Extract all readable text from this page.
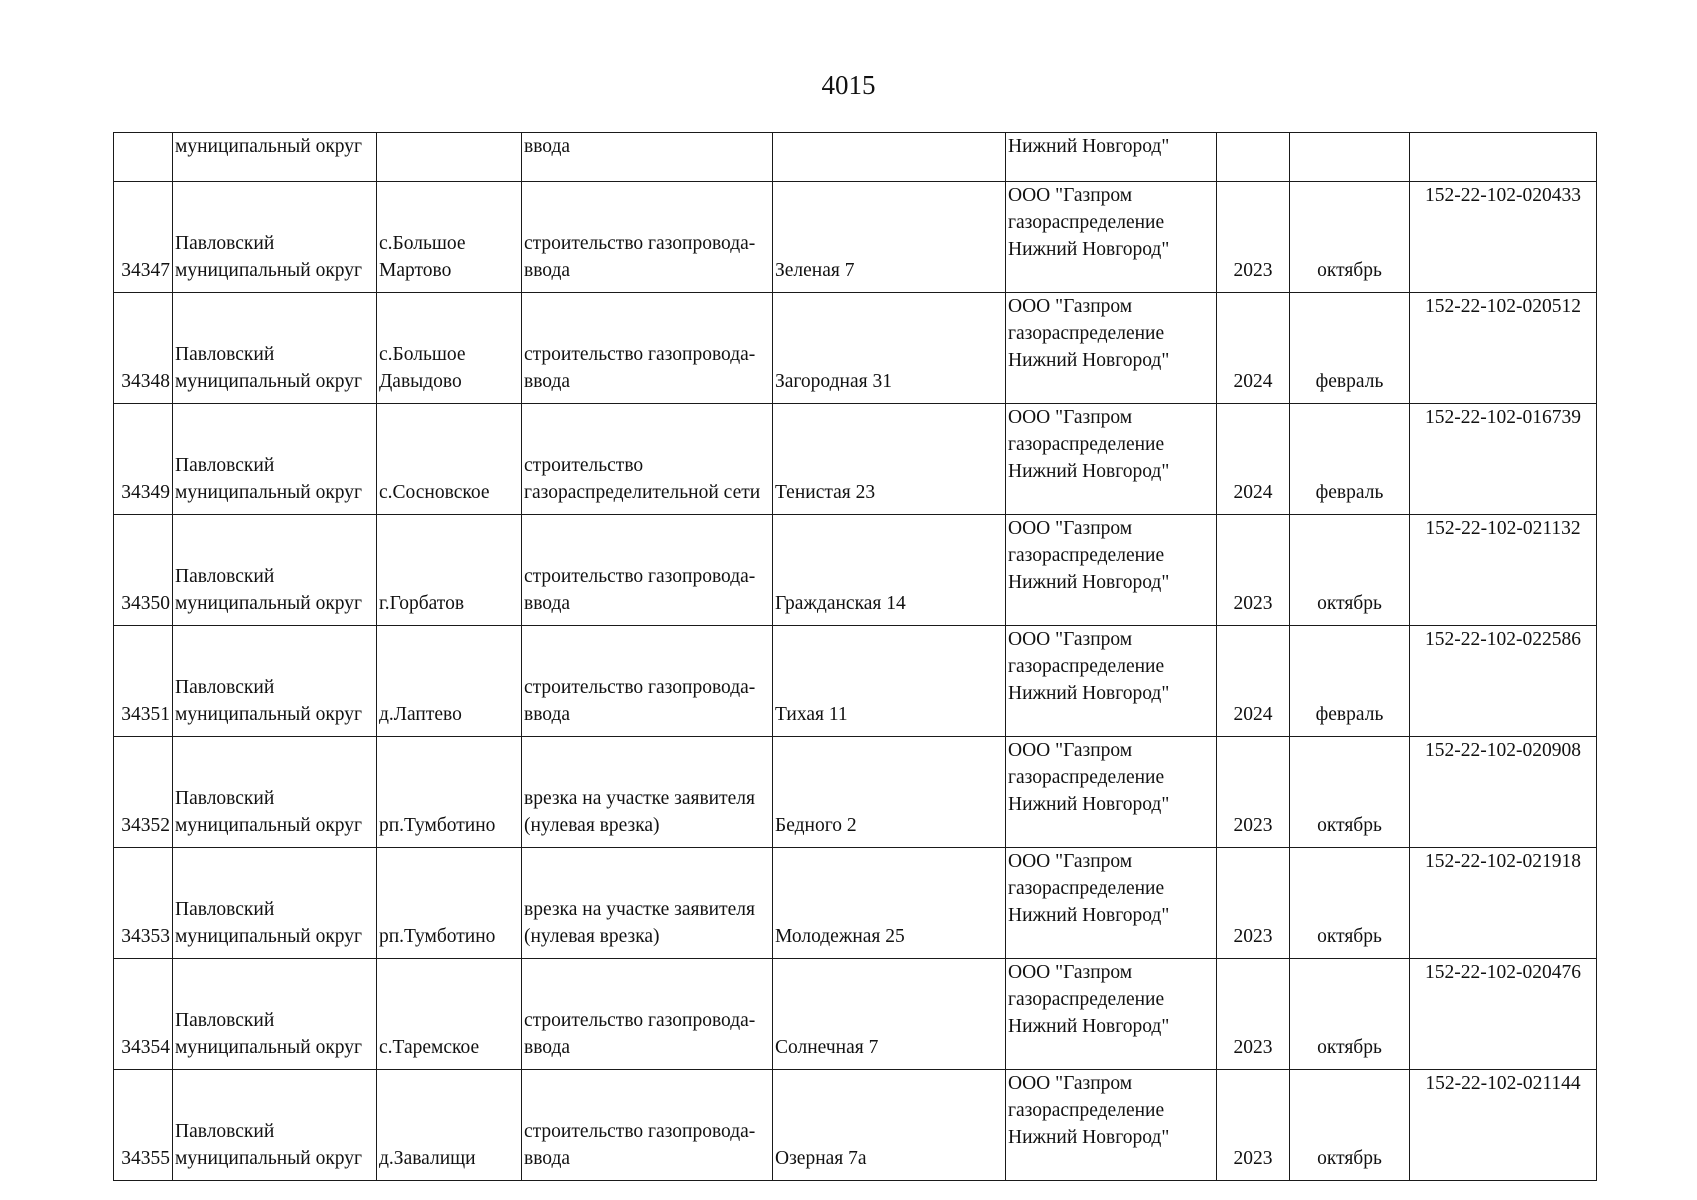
4015

	муниципальный округ		ввода		Нижний Новгород"			

34347	Павловский
муниципальный округ	с.Большое
Мартово	строительство газопровода-
ввода	Зеленая 7	ООО "Газпром
газораспределение
Нижний Новгород"	2023	октябрь	152-22-102-020433
34348	Павловский
муниципальный округ	с.Большое
Давыдово	строительство газопровода-
ввода	Загородная 31	ООО "Газпром
газораспределение
Нижний Новгород"	2024	февраль	152-22-102-020512
34349	Павловский
муниципальный округ	с.Сосновское	строительство
газораспределительной сети	Тенистая 23	ООО "Газпром
газораспределение
Нижний Новгород"	2024	февраль	152-22-102-016739
34350	Павловский
муниципальный округ	г.Горбатов	строительство газопровода-
ввода	Гражданская 14	ООО "Газпром
газораспределение
Нижний Новгород"	2023	октябрь	152-22-102-021132
34351	Павловский
муниципальный округ	д.Лаптево	строительство газопровода-
ввода	Тихая 11	ООО "Газпром
газораспределение
Нижний Новгород"	2024	февраль	152-22-102-022586
34352	Павловский
муниципальный округ	рп.Тумботино	врезка на участке заявителя
(нулевая врезка)	Бедного 2	ООО "Газпром
газораспределение
Нижний Новгород"	2023	октябрь	152-22-102-020908
34353	Павловский
муниципальный округ	рп.Тумботино	врезка на участке заявителя
(нулевая врезка)	Молодежная 25	ООО "Газпром
газораспределение
Нижний Новгород"	2023	октябрь	152-22-102-021918
34354	Павловский
муниципальный округ	с.Таремское	строительство газопровода-
ввода	Солнечная 7	ООО "Газпром
газораспределение
Нижний Новгород"	2023	октябрь	152-22-102-020476
34355	Павловский
муниципальный округ	д.Завалищи	строительство газопровода-
ввода	Озерная 7а	ООО "Газпром
газораспределение
Нижний Новгород"	2023	октябрь	152-22-102-021144
